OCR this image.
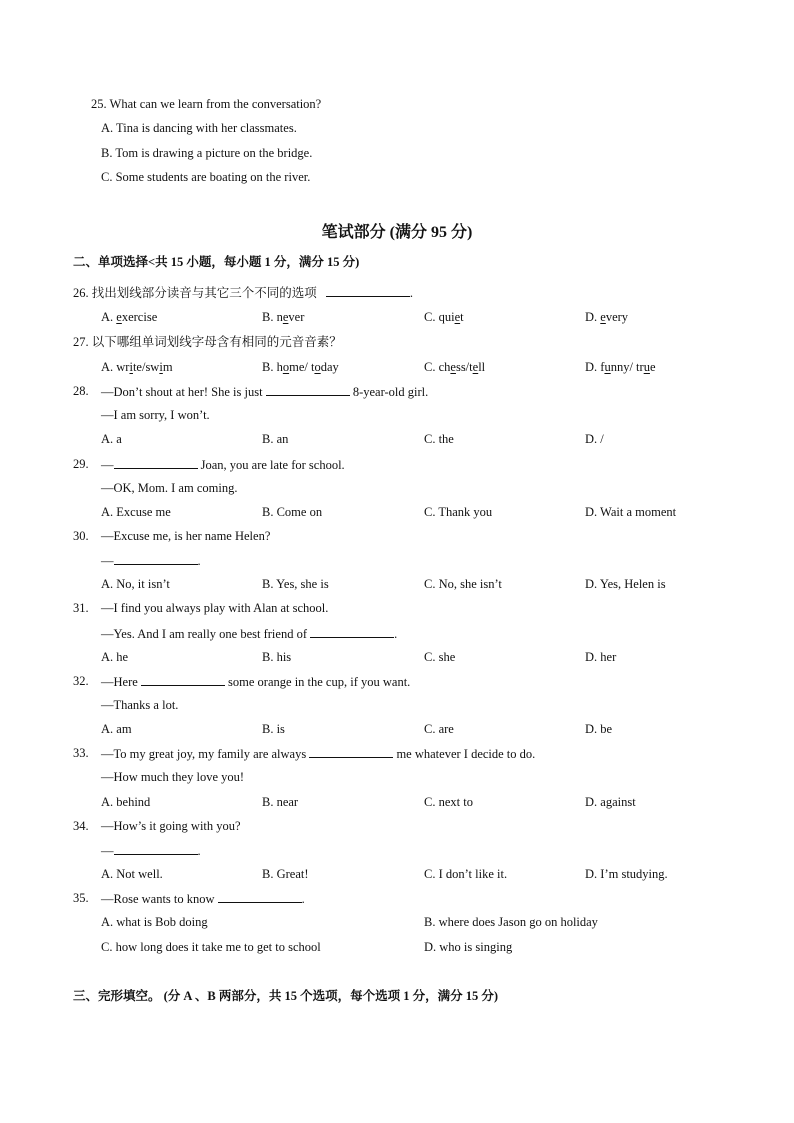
25. What can we learn from the conversation?
A. Tina is dancing with her classmates.
B. Tom is drawing a picture on the bridge.
C. Some students are boating on the river.
笔试部分 (满分 95 分)
二、单项选择<共 15 小题，每小题 1 分，满分 15 分)
26. 找出划线部分读音与其它三个不同的选项	.
A. exercise	B. never	C. quiet	D. every
27. 以下哪组单词划线字母含有相同的元音音素？
A. write/swim	B. home/ today	C. chess/tell	D. funny/ true
28. —Don’t shout at her! She is just	8-year-old girl.
—I am sorry, I won’t.
A. a	B. an	C. the	D. /
29. —	Joan, you are late for school.
—OK, Mom. I am coming.
A. Excuse me	B. Come on	C. Thank you	D. Wait a moment
30. —Excuse me, is her name Helen?
—	.
A. No, it isn’t	B. Yes, she is	C. No, she isn’t	D. Yes, Helen is
31. —I find you always play with Alan at school.
—Yes. And I am really one best friend of	.
A. he	B. his	C. she	D. her
32. —Here	some orange in the cup, if you want.
—Thanks a lot.
A. am	B. is	C. are	D. be
33. —To my great joy, my family are always	me whatever I decide to do.
—How much they love you!
A. behind	B. near	C. next to	D. against
34. —How’s it going with you?
—	.
A. Not well.	B. Great!	C. I don’t like it.	D. I’m studying.
35. —Rose wants to know	.
A. what is Bob doing	B. where does Jason go on holiday
C. how long does it take me to get to school	D. who is singing
三、完形填空。 (分 A 、B 两部分，共 15 个选项，每个选项 1 分，满分 15 分)
